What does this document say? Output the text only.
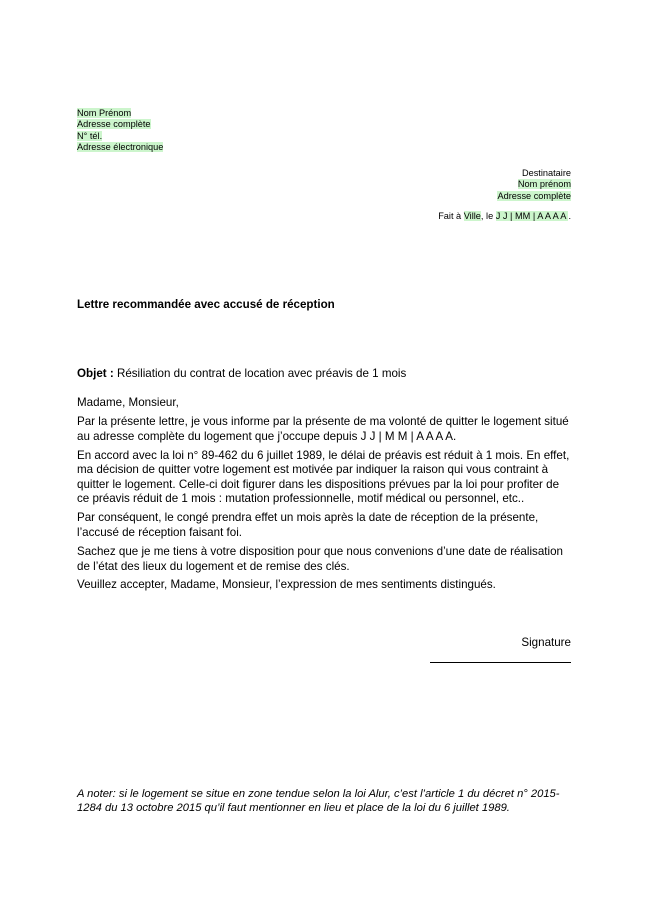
Nom Prénom
Adresse complète
N° tél.
Adresse électronique
Destinataire
Nom prénom
Adresse complète
Fait à Ville, le J J | MM | A A A A .
Lettre recommandée avec accusé de réception
Objet : Résiliation du contrat de location avec préavis de 1 mois

Madame, Monsieur,

Par la présente lettre, je vous informe par la présente de ma volonté de quitter le logement situé au adresse complète du logement que j’occupe depuis J J | M M | A A A A.

En accord avec la loi n° 89-462 du 6 juillet 1989, le délai de préavis est réduit à 1 mois. En effet, ma décision de quitter votre logement est motivée par indiquer la raison qui vous contraint à quitter le logement. Celle-ci doit figurer dans les dispositions prévues par la loi pour profiter de ce préavis réduit de 1 mois : mutation professionnelle, motif médical ou personnel, etc..

Par conséquent, le congé prendra effet un mois après la date de réception de la présente, l’accusé de réception faisant foi.

Sachez que je me tiens à votre disposition pour que nous convenions d’une date de réalisation de l’état des lieux du logement et de remise des clés.

Veuillez accepter, Madame, Monsieur, l’expression de mes sentiments distingués.

Signature
A noter: si le logement se situe en zone tendue selon la loi Alur, c’est l’article 1 du décret n° 2015-1284 du 13 octobre 2015 qu’il faut mentionner en lieu et place de la loi du 6 juillet 1989.
